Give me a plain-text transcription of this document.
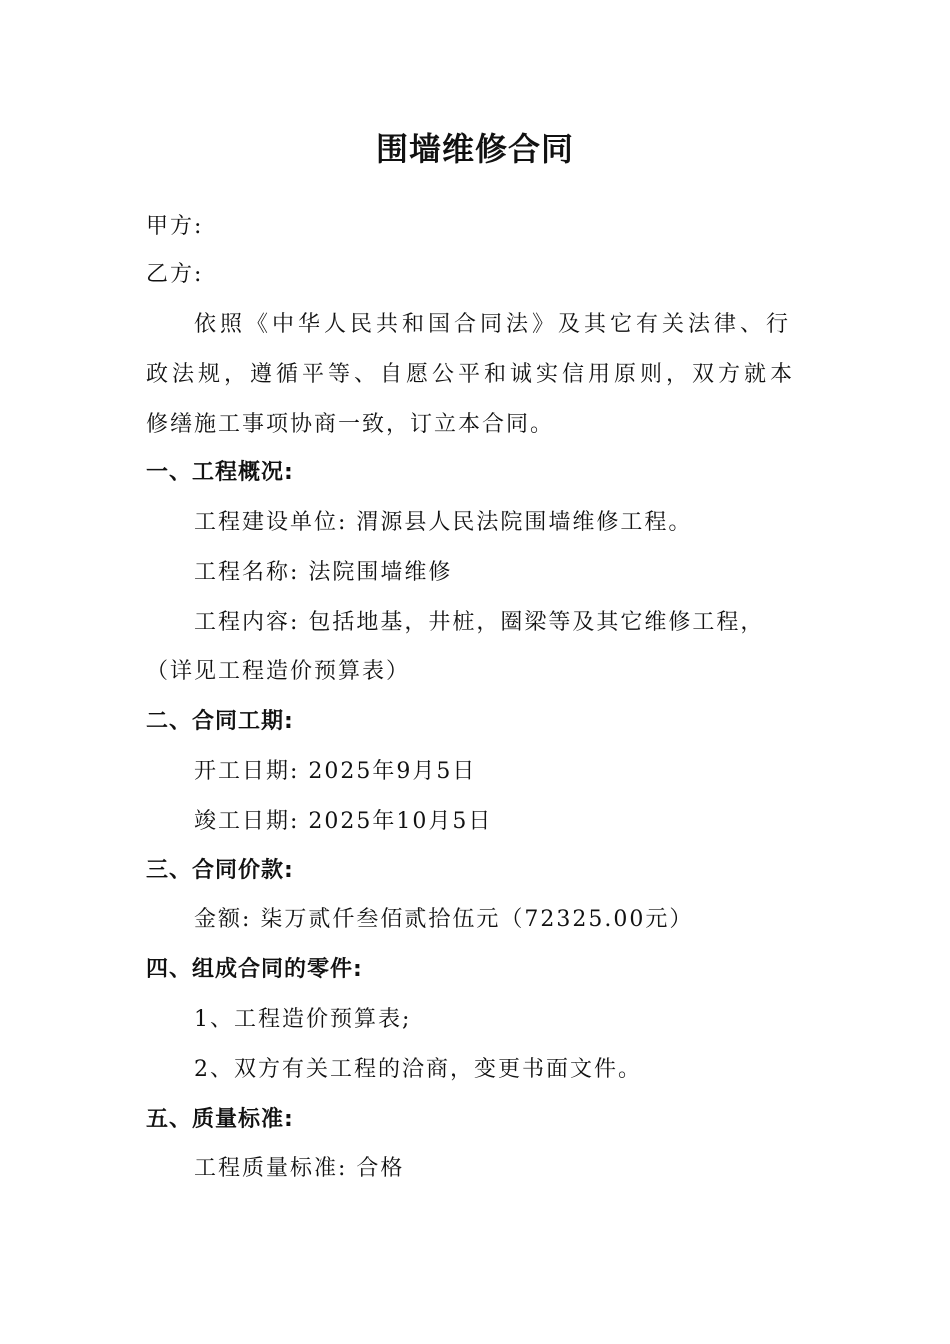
围墙维修合同
甲方:
乙方:
依照《中华人民共和国合同法》及其它有关法律、行
政法规，遵循平等、自愿公平和诚实信用原则，双方就本
修缮施工事项协商一致，订立本合同。
一、工程概况:
工程建设单位: 渭源县人民法院围墙维修工程。
工程名称: 法院围墙维修
工程内容: 包括地基，井桩，圈梁等及其它维修工程，
（详见工程造价预算表）
二、合同工期:
开工日期: 2025年9月5日
竣工日期: 2025年10月5日
三、合同价款:
金额: 柒万贰仟叁佰贰拾伍元（72325.00元）
四、组成合同的零件:
1、工程造价预算表;
2、双方有关工程的洽商，变更书面文件。
五、质量标准:
工程质量标准: 合格
